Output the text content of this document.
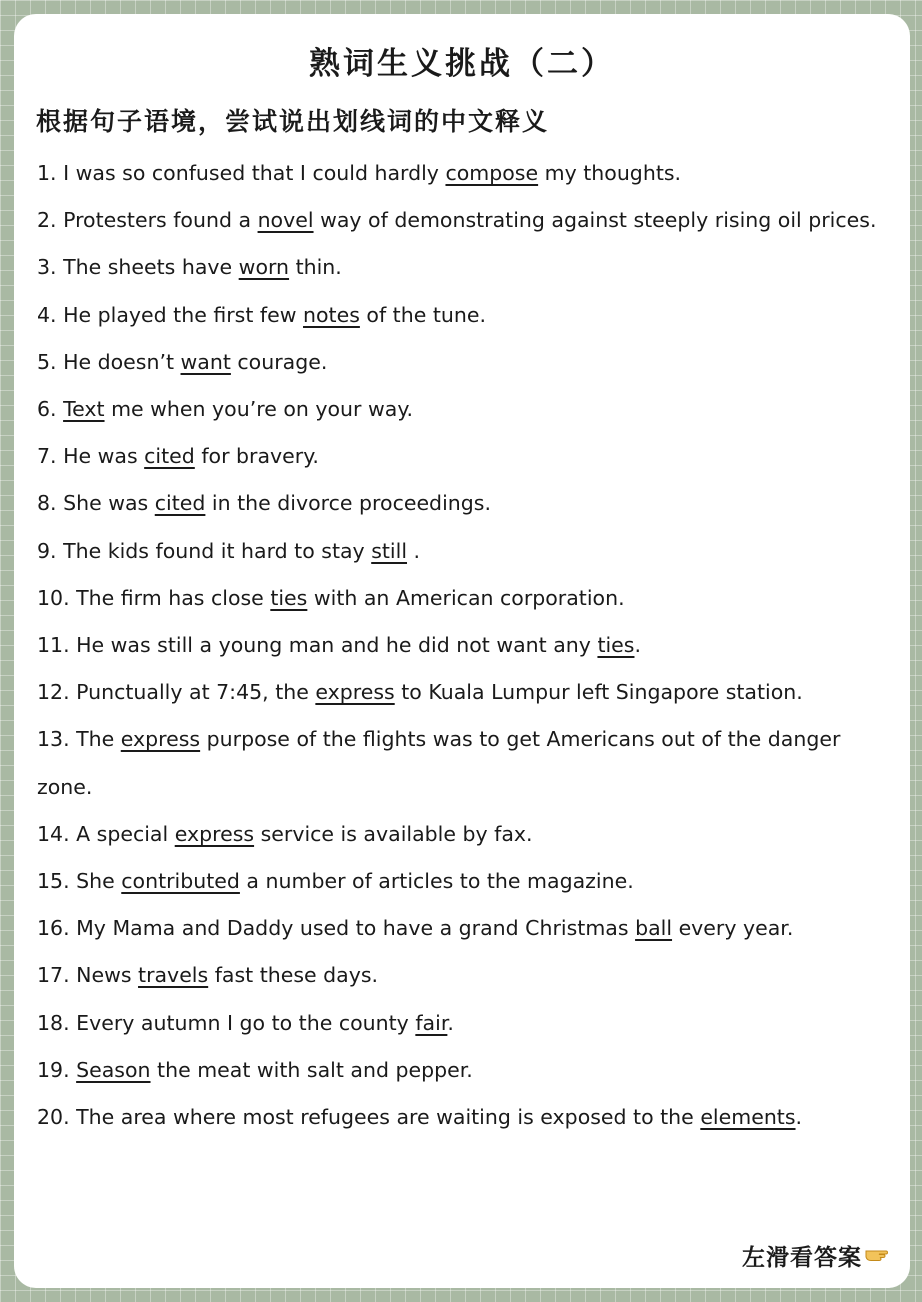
熟词生义挑战（二）
根据句子语境，尝试说出划线词的中文释义
1. I was so confused that I could hardly compose my thoughts.
2. Protesters found a novel way of demonstrating against steeply rising oil prices.
3. The sheets have worn thin.
4. He played the first few notes of the tune.
5. He doesn’t want courage.
6. Text me when you’re on your way.
7. He was cited for bravery.
8. She was cited in the divorce proceedings.
9. The kids found it hard to stay still .
10. The firm has close ties with an American corporation.
11. He was still a young man and he did not want any ties.
12. Punctually at 7:45, the express to Kuala Lumpur left Singapore station.
13. The express purpose of the flights was to get Americans out of the danger zone.
14. A special express service is available by fax.
15. She contributed a number of articles to the magazine.
16. My Mama and Daddy used to have a grand Christmas ball every year.
17. News travels fast these days.
18. Every autumn I go to the county fair.
19. Season the meat with salt and pepper.
20. The area where most refugees are waiting is exposed to the elements.
左滑看答案
